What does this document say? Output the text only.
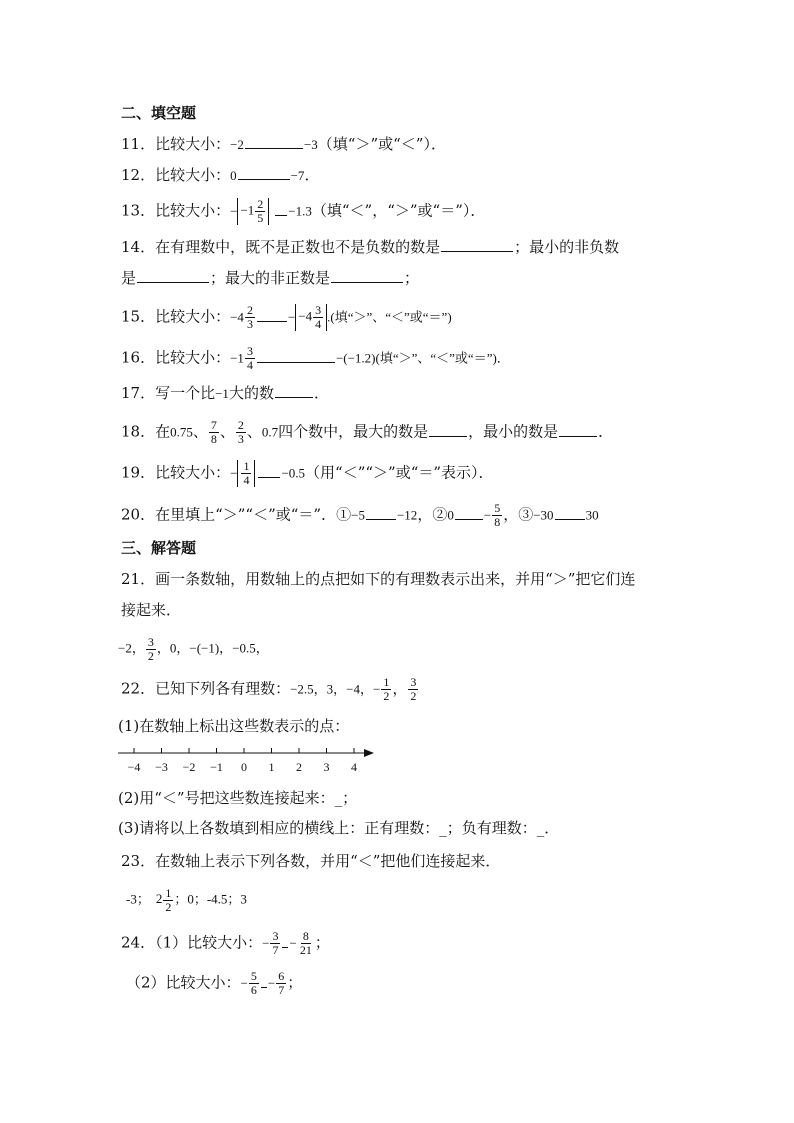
二、填空题
11．比较大小：−2	−3（填“＞”或“＜”）．
12．比较大小：0	−7．
13．比较大小：− $-1 \frac{2}{5} -1.3$（填“＜”，“＞”或“＝”）．
14．在有理数中，既不是正数也不是负数的数是	；最小的非负数
是	；最大的非正数是	；
15．比较大小：$-4 \frac{2}{3}$	− $-4 \frac{3}{4}$ .(填“＞”、“＜”或“＝”)
16．比较大小：$-1 \frac{3}{4}$	−(−1.2)(填“＞”、“＜”或“＝”)．
17．写一个比−1大的数	．
18．在0.75、 $\frac{7}{8}$ 、 $\frac{2}{3}$ 、0.7四个数中，最大的数是	，最小的数是	．
19．比较大小：− $\frac{1}{4} -0.5$（用“＜”“＞”或“＝”表示）．
20．在里填上“＞”“＜”或“＝”．①−5 −12，②0 − $\frac{5}{8}$ ，③−30 30
三、解答题
21．画一条数轴，用数轴上的点把如下的有理数表示出来，并用“＞”把它们连
接起来．
−2， $\frac{3}{2}$ ，0，−(−1)，−0.5，
22．已知下列各有理数：−2.5，3，−4，− $\frac{1}{2}$ ， $\frac{3}{2}$
(1)在数轴上标出这些数表示的点：
−4 −3 −2 −1 0 1 2 3 4
(2)用“＜”号把这些数连接起来：_；
(3)请将以上各数填到相应的横线上：正有理数：_；负有理数：_．
23．在数轴上表示下列各数，并用“＜”把他们连接起来．
-3； $2 \frac{1}{2}$ ；0；-4.5；3
24．（1）比较大小：− $\frac{3}{7} - \frac{8}{21}$ ；
（2）比较大小：− $\frac{5}{6} - \frac{6}{7}$ ；
